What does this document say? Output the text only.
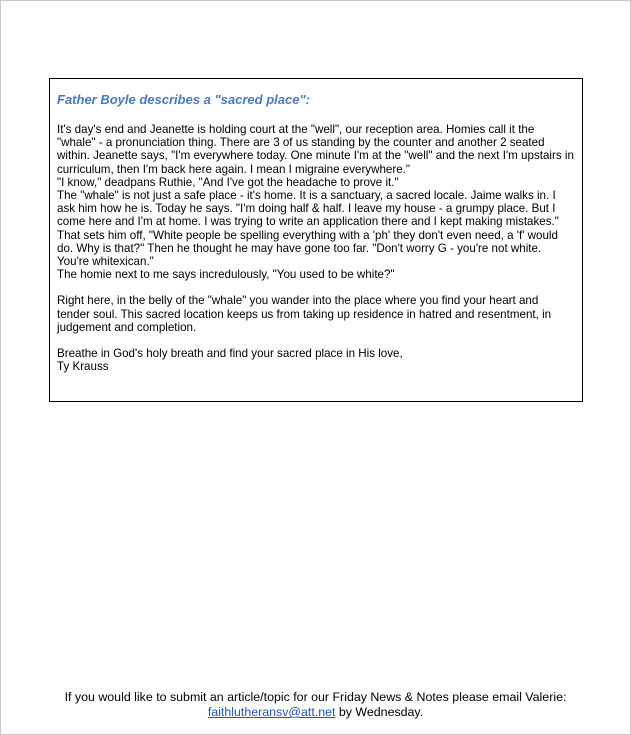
Father Boyle describes a "sacred place":

It's day's end and Jeanette is holding court at the "well", our reception area. Homies call it the "whale" - a pronunciation thing. There are 3 of us standing by the counter and another 2 seated within. Jeanette says, "I'm everywhere today. One minute I'm at the "well" and the next I'm upstairs in curriculum, then I'm back here again. I mean I migraine everywhere."

"I know," deadpans Ruthie, "And I've got the headache to prove it."

The "whale" is not just a safe place - it's home. It is a sanctuary, a sacred locale. Jaime walks in. I ask him how he is. Today he says. "I'm doing half & half. I leave my house - a grumpy place. But I come here and I'm at home. I was trying to write an application there and I kept making mistakes." That sets him off, "White people be spelling everything with a 'ph' they don't even need, a 'f' would do. Why is that?" Then he thought he may have gone too far. "Don't worry G - you're not white. You're whitexican."

The homie next to me says incredulously, "You used to be white?"

Right here, in the belly of the "whale" you wander into the place where you find your heart and tender soul. This sacred location keeps us from taking up residence in hatred and resentment, in judgement and completion.

Breathe in God's holy breath and find your sacred place in His love,

Ty Krauss

If you would like to submit an article/topic for our Friday News & Notes please email Valerie:
faithlutheransv@att.net by Wednesday.
